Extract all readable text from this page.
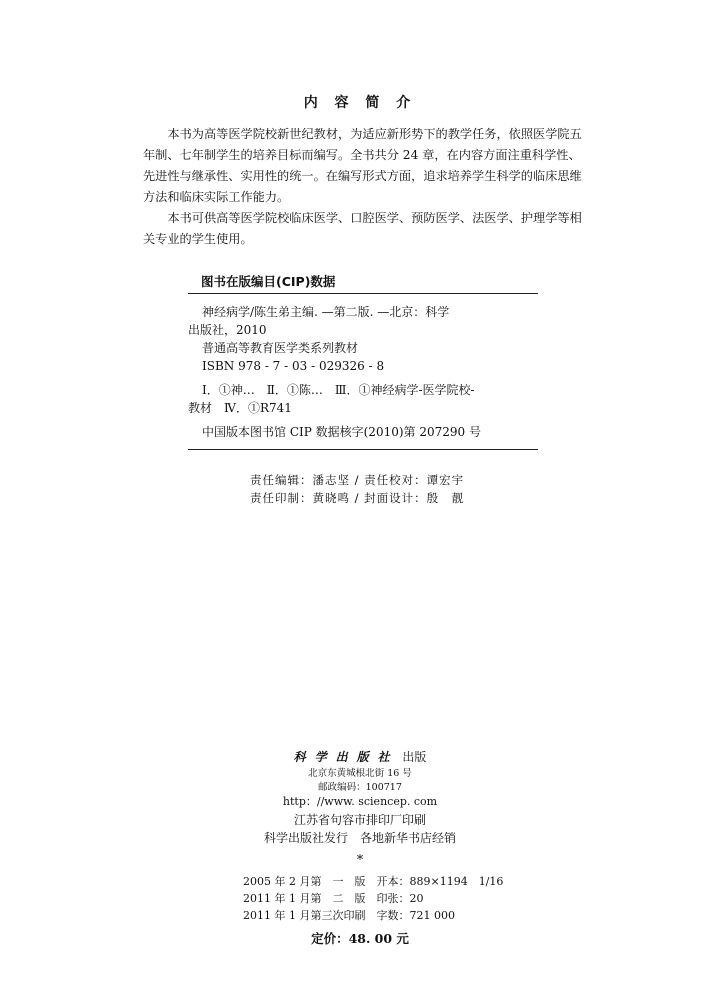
内 容 简 介

本书为高等医学院校新世纪教材，为适应新形势下的教学任务，依照医学院五年制、七年制学生的培养目标而编写。全书共分 24 章，在内容方面注重科学性、先进性与继承性、实用性的统一。在编写形式方面，追求培养学生科学的临床思维方法和临床实际工作能力。

本书可供高等医学院校临床医学、口腔医学、预防医学、法医学、护理学等相关专业的学生使用。

图书在版编目(CIP)数据
神经病学/陈生弟主编. —第二版. —北京：科学
出版社，2010
普通高等教育医学类系列教材
ISBN 978 - 7 - 03 - 029326 - 8
Ⅰ．①神…　Ⅱ．①陈…　Ⅲ．①神经病学-医学院校-
教材　Ⅳ．①R741
中国版本图书馆 CIP 数据核字(2010)第 207290 号
责任编辑：潘志坚 / 责任校对：谭宏宇
责任印制：黄晓鸣 / 封面设计：殷　靓
科学出版社 出版
北京东黄城根北街 16 号
邮政编码：100717
http：//www. sciencep. com
江苏省句容市排印厂印刷
科学出版社发行　各地新华书店经销
*
2005 年 2 月第　一　版　开本：889×1194　1/16
2011 年 1 月第　二　版　印张：20
2011 年 1 月第三次印刷　字数：721 000
定价：48. 00 元
